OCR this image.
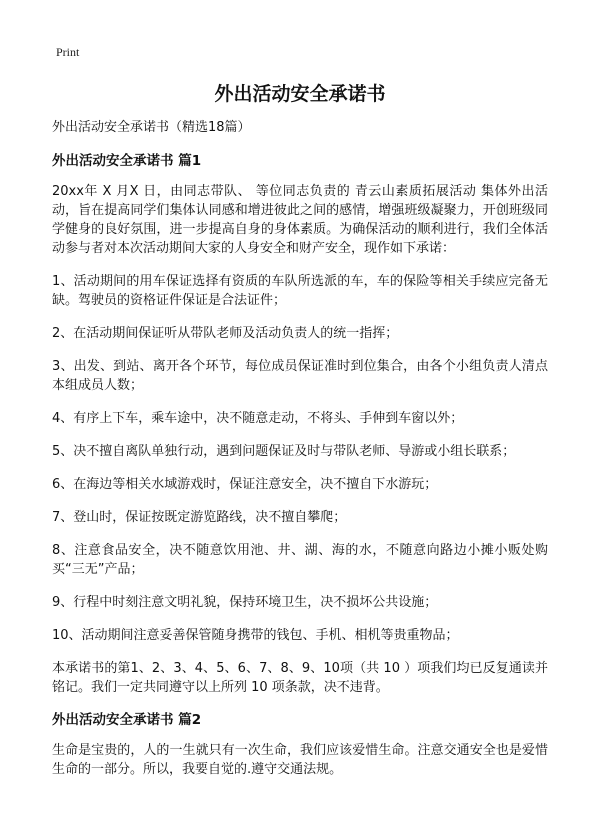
Print
外出活动安全承诺书
外出活动安全承诺书（精选18篇）
外出活动安全承诺书 篇1
20xx年 X 月X 日，由同志带队、 等位同志负责的 青云山素质拓展活动 集体外出活动，旨在提高同学们集体认同感和增进彼此之间的感情，增强班级凝聚力，开创班级同学健身的良好氛围，进一步提高自身的身体素质。为确保活动的顺利进行，我们全体活动参与者对本次活动期间大家的人身安全和财产安全，现作如下承诺：
1、活动期间的用车保证选择有资质的车队所选派的车，车的保险等相关手续应完备无缺。驾驶员的资格证件保证是合法证件；
2、在活动期间保证听从带队老师及活动负责人的统一指挥；
3、出发、到站、离开各个环节，每位成员保证准时到位集合，由各个小组负责人清点本组成员人数；
4、有序上下车，乘车途中，决不随意走动，不将头、手伸到车窗以外；
5、决不擅自离队单独行动，遇到问题保证及时与带队老师、导游或小组长联系；
6、在海边等相关水域游戏时，保证注意安全，决不擅自下水游玩；
7、登山时，保证按既定游览路线，决不擅自攀爬；
8、注意食品安全，决不随意饮用池、井、湖、海的水，不随意向路边小摊小贩处购买“三无”产品；
9、行程中时刻注意文明礼貌，保持环境卫生，决不损坏公共设施；
10、活动期间注意妥善保管随身携带的钱包、手机、相机等贵重物品；
本承诺书的第1、2、3、4、5、6、7、8、9、10项（共 10 ）项我们均已反复通读并铭记。我们一定共同遵守以上所列 10 项条款，决不违背。
外出活动安全承诺书 篇2
生命是宝贵的，人的一生就只有一次生命，我们应该爱惜生命。注意交通安全也是爱惜生命的一部分。所以，我要自觉的.遵守交通法规。
